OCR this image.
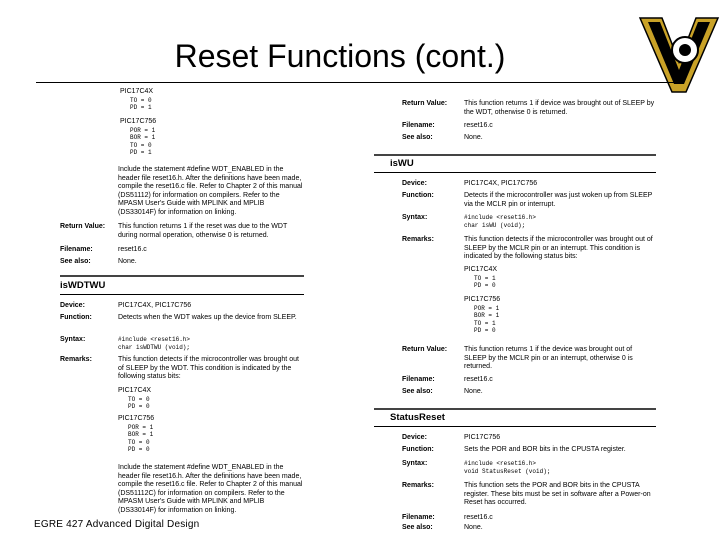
Reset Functions (cont.)
PIC17C4X
TO = 0
PD = 1
PIC17C756
POR = 1
BOR = 1
TO = 0
PD = 1
Include the statement #define WDT_ENABLED in the header file reset16.h. After the definitions have been made, compile the reset16.c file. Refer to Chapter 2 of this manual (DS51112) for information on compilers. Refer to the MPASM User's Guide with MPLINK and MPLIB (DS33014F) for information on linking.
Return Value: This function returns 1 if the reset was due to the WDT during normal operation, otherwise 0 is returned.
Filename:	reset16.c
See also:	None.
isWDTWU
Device:	PIC17C4X, PIC17C756
Function:	Detects when the WDT wakes up the device from SLEEP.
Syntax:	#include <reset16.h>
char isWDTWU (void);
Remarks:	This function detects if the microcontroller was brought out of SLEEP by the WDT. This condition is indicated by the following status bits:
PIC17C4X
TO = 0
PD = 0
PIC17C756
POR = 1
BOR = 1
TO = 0
PD = 0
Include the statement #define WDT_ENABLED in the header file reset16.h. After the definitions have been made, compile the reset16.c file. Refer to Chapter 2 of this manual (DS51112C) for information on compilers. Refer to the MPASM User's Guide with MPLINK and MPLIB (DS33014F) for information on linking.
Return Value: This function returns 1 if device was brought out of SLEEP by the WDT, otherwise 0 is returned.
Filename:	reset16.c
See also:	None.
isWU
Device:	PIC17C4X, PIC17C756
Function:	Detects if the microcontroller was just woken up from SLEEP via the MCLR pin or interrupt.
Syntax:	#include <reset16.h>
char isWU (void);
Remarks:	This function detects if the microcontroller was brought out of SLEEP by the MCLR pin or an interrupt. This condition is indicated by the following status bits:
PIC17C4X
TO = 1
PD = 0
PIC17C756
POR = 1
BOR = 1
TO = 1
PD = 0
Return Value: This function returns 1 if the device was brought out of SLEEP by the MCLR pin or an interrupt, otherwise 0 is returned.
Filename:	reset16.c
See also:	None.
StatusReset
Device:	PIC17C756
Function:	Sets the POR and BOR bits in the CPUSTA register.
Syntax:	#include <reset16.h>
void StatusReset (void);
Remarks:	This function sets the POR and BOR bits in the CPUSTA register. These bits must be set in software after a Power-on Reset has occurred.
Filename:	reset16.c
See also:	None.
EGRE 427 Advanced Digital Design
